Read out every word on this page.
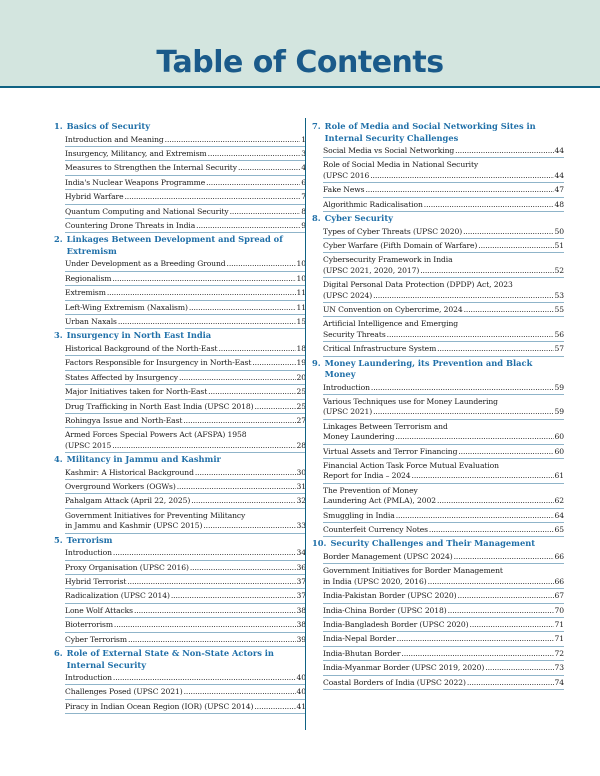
Table of Contents
1. Basics of Security
Introduction and Meaning .....	1
Insurgency, Militancy, and Extremism .....	3
Measures to Strengthen the Internal Security .....	4
India's Nuclear Weapons Programme .....	6
Hybrid Warfare .....	7
Quantum Computing and National Security .....	8
Countering Drone Threats in India .....	9
2. Linkages Between Development and Spread of Extremism
Under Development as a Breeding Ground .....	10
Regionalism .....	10
Extremism .....	11
Left-Wing Extremism (Naxalism) .....	11
Urban Naxals .....	15
3. Insurgency in North East India
Historical Background of the North-East .....	18
Factors Responsible for Insurgency in North-East .....	19
States Affected by Insurgency .....	20
Major Initiatives taken for North-East .....	25
Drug Trafficking in North East India (UPSC 2018) .....	25
Rohingya Issue and North-East .....	27
Armed Forces Special Powers Act (AFSPA) 1958
(UPSC 2015 .....	28
4. Militancy in Jammu and Kashmir
Kashmir: A Historical Background .....	30
Overground Workers (OGWs) .....	31
Pahalgam Attack (April 22, 2025) .....	32
Government Initiatives for Preventing Militancy
in Jammu and Kashmir (UPSC 2015) .....	33
5. Terrorism
Introduction .....	34
Proxy Organisation (UPSC 2016) .....	36
Hybrid Terrorist .....	37
Radicalization (UPSC 2014) .....	37
Lone Wolf Attacks .....	38
Bioterrorism .....	38
Cyber Terrorism .....	39
6. Role of External State & Non-State Actors in Internal Security
Introduction .....	40
Challenges Posed (UPSC 2021) .....	40
Piracy in Indian Ocean Region (IOR) (UPSC 2014) .....	41
7. Role of Media and Social Networking Sites in Internal Security Challenges
Social Media vs Social Networking .....	44
Role of Social Media in National Security
(UPSC 2016 .....	44
Fake News .....	47
Algorithmic Radicalisation .....	48
8. Cyber Security
Types of Cyber Threats (UPSC 2020) .....	50
Cyber Warfare (Fifth Domain of Warfare) .....	51
Cybersecurity Framework in India
(UPSC 2021, 2020, 2017) .....	52
Digital Personal Data Protection (DPDP) Act, 2023
(UPSC 2024) .....	53
UN Convention on Cybercrime, 2024 .....	55
Artificial Intelligence and Emerging
Security Threats .....	56
Critical Infrastructure System .....	57
9. Money Laundering, its Prevention and Black Money
Introduction .....	59
Various Techniques use for Money Laundering
(UPSC 2021) .....	59
Linkages Between Terrorism and
Money Laundering .....	60
Virtual Assets and Terror Financing .....	60
Financial Action Task Force Mutual Evaluation
Report for India – 2024 .....	61
The Prevention of Money
Laundering Act (PMLA), 2002 .....	62
Smuggling in India .....	64
Counterfeit Currency Notes .....	65
10. Security Challenges and Their Management
Border Management (UPSC 2024) .....	66
Government Initiatives for Border Management
in India (UPSC 2020, 2016) .....	66
India-Pakistan Border (UPSC 2020) .....	67
India-China Border (UPSC 2018) .....	70
India-Bangladesh Border (UPSC 2020) .....	71
India-Nepal Border .....	71
India-Bhutan Border .....	72
India-Myanmar Border (UPSC 2019, 2020) .....	73
Coastal Borders of India (UPSC 2022) .....	74
